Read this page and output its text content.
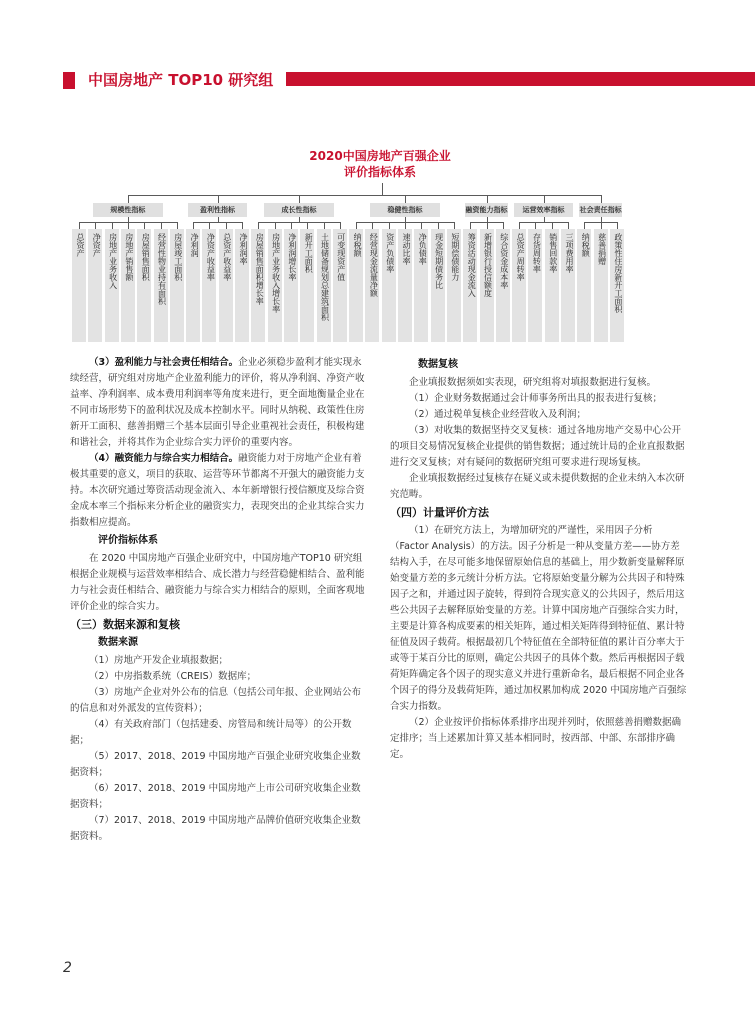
中国房地产 TOP10 研究组
2020中国房地产百强企业
评价指标体系
规模性指标
总资产 净资产 房地产业务收入 房地产销售额 房屋销售面积 经营性物业持有面积 房屋竣工面积
盈利性指标
净利润 净资产收益率 总资产收益率 净利润率
成长性指标
房屋销售面积增长率 房地产业务收入增长率 净利润增长率 新开工面积 土地储备规划总建筑面积 可变现资产值
稳健性指标
纳税额 经营现金流量净额 资产负债率 速动比率 净负债率 现金短期债务比 短期偿债能力
融资能力指标
筹资活动现金流入 新增银行授信额度 综合资金成本率
运营效率指标
总资产周转率 存货周转率 销售回款率 三项费用率
社会责任指标
纳税额 慈善捐赠 政策性住房新开工面积

（3）盈利能力与社会责任相结合。企业必须稳步盈利才能实现永续经营，研究组对房地产企业盈利能力的评价，将从净利润、净资产收益率、净利润率、成本费用利润率等角度来进行，更全面地衡量企业在不同市场形势下的盈利状况及成本控制水平。同时从纳税、政策性住房新开工面积、慈善捐赠三个基本层面引导企业重视社会责任，积极构建和谐社会，并将其作为企业综合实力评价的重要内容。

（4）融资能力与综合实力相结合。融资能力对于房地产企业有着极其重要的意义，项目的获取、运营等环节都离不开强大的融资能力支持。本次研究通过筹资活动现金流入、本年新增银行授信额度及综合资金成本率三个指标来分析企业的融资实力，表现突出的企业其综合实力指数相应提高。

评价指标体系

在 2020 中国房地产百强企业研究中，中国房地产TOP10 研究组根据企业规模与运营效率相结合、成长潜力与经营稳健相结合、盈利能力与社会责任相结合、融资能力与综合实力相结合的原则，全面客观地评价企业的综合实力。

（三）数据来源和复核
数据来源

（1）房地产开发企业填报数据；

（2）中房指数系统（CREIS）数据库；

（3）房地产企业对外公布的信息（包括公司年报、企业网站公布的信息和对外派发的宣传资料）；

（4）有关政府部门（包括建委、房管局和统计局等）的公开数据；

（5）2017、2018、2019 中国房地产百强企业研究收集企业数据资料；

（6）2017、2018、2019 中国房地产上市公司研究收集企业数据资料；

（7）2017、2018、2019 中国房地产品牌价值研究收集企业数据资料。

数据复核

企业填报数据须如实表现，研究组将对填报数据进行复核。

（1）企业财务数据通过会计师事务所出具的报表进行复核；

（2）通过税单复核企业经营收入及利润；

（3）对收集的数据坚持交叉复核：通过各地房地产交易中心公开的项目交易情况复核企业提供的销售数据；通过统计局的企业直报数据进行交叉复核；对有疑问的数据研究组可要求进行现场复核。

企业填报数据经过复核存在疑义或未提供数据的企业未纳入本次研究范畴。

（四）计量评价方法

（1）在研究方法上，为增加研究的严谨性，采用因子分析（Factor Analysis）的方法。因子分析是一种从变量方差——协方差结构入手，在尽可能多地保留原始信息的基础上，用少数新变量解释原始变量方差的多元统计分析方法。它将原始变量分解为公共因子和特殊因子之和，并通过因子旋转，得到符合现实意义的公共因子，然后用这些公共因子去解释原始变量的方差。计算中国房地产百强综合实力时，主要是计算各构成要素的相关矩阵，通过相关矩阵得到特征值、累计特征值及因子载荷。根据最初几个特征值在全部特征值的累计百分率大于或等于某百分比的原则，确定公共因子的具体个数。然后再根据因子载荷矩阵确定各个因子的现实意义并进行重新命名，最后根据不同企业各个因子的得分及载荷矩阵，通过加权累加构成 2020 中国房地产百强综合实力指数。

（2）企业按评价指标体系排序出现并列时，依照慈善捐赠数据确定排序；当上述累加计算又基本相同时，按西部、中部、东部排序确定。

2
